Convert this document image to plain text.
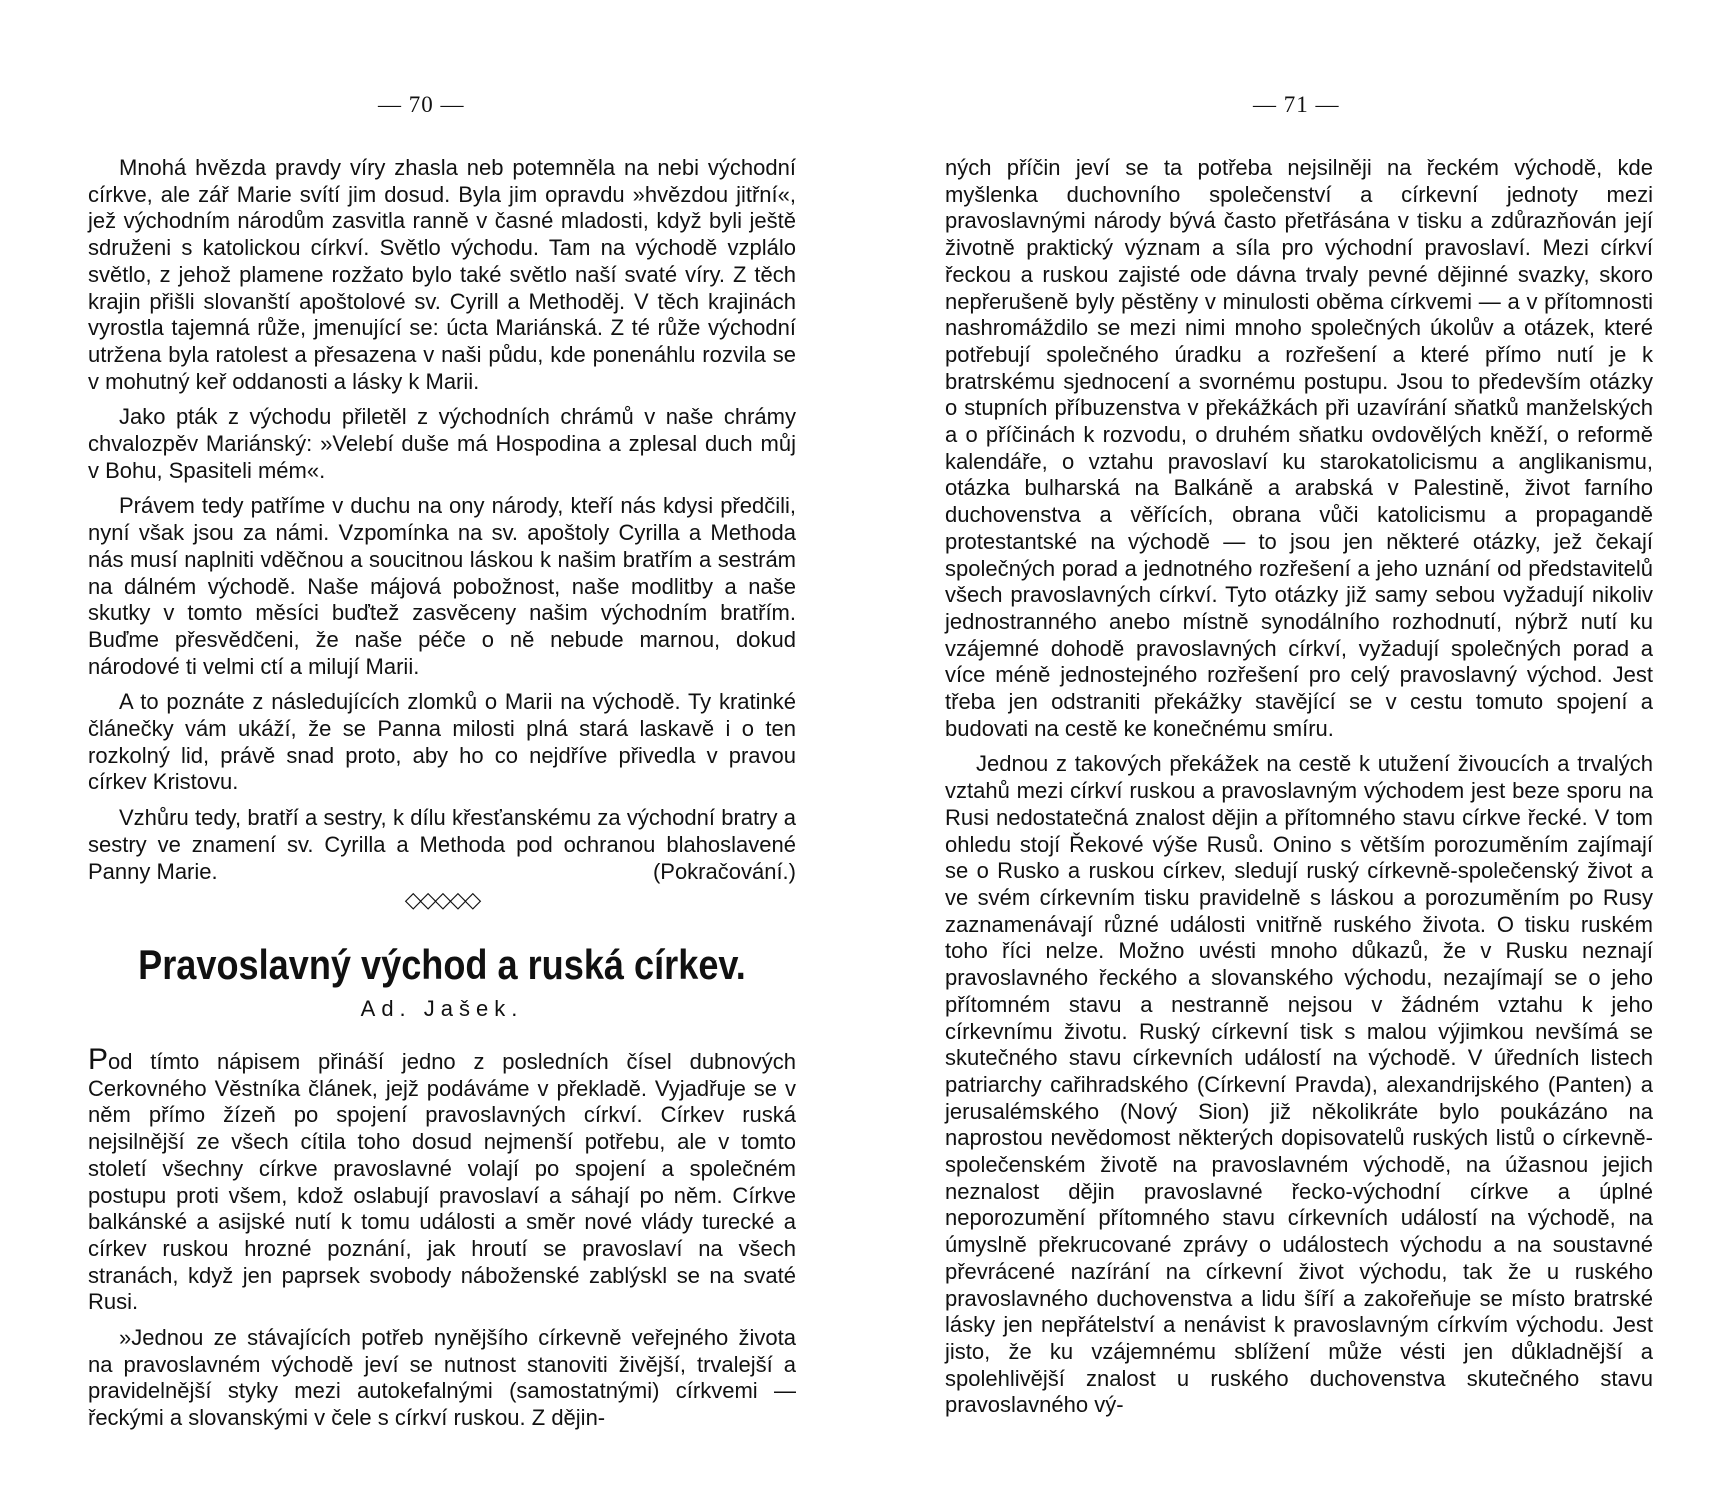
— 70 —

Mnohá hvězda pravdy víry zhasla neb potemněla na nebi východní církve, ale zář Marie svítí jim dosud. Byla jim opravdu »hvězdou jitřní«, jež východním národům zasvitla ranně v časné mladosti, když byli ještě sdruženi s katolickou církví. Světlo východu. Tam na východě vzplálo světlo, z jehož plamene rozžato bylo také světlo naší svaté víry. Z těch krajin přišli slovanští apoštolové sv. Cyrill a Methoděj. V těch krajinách vyrostla tajemná růže, jmenující se: úcta Mariánská. Z té růže východní utržena byla ratolest a přesazena v naši půdu, kde ponenáhlu rozvila se v mohutný keř oddanosti a lásky k Marii.

Jako pták z východu přiletěl z východních chrámů v naše chrámy chvalozpěv Mariánský: »Velebí duše má Hospodina a zplesal duch můj v Bohu, Spasiteli mém«.

Právem tedy patříme v duchu na ony národy, kteří nás kdysi předčili, nyní však jsou za námi. Vzpomínka na sv. apoštoly Cyrilla a Methoda nás musí naplniti vděčnou a soucitnou láskou k našim bratřím a sestrám na dálném východě. Naše májová pobožnost, naše modlitby a naše skutky v tomto měsíci buďtež zasvěceny našim východním bratřím. Buďme přesvědčeni, že naše péče o ně nebude marnou, dokud národové ti velmi ctí a milují Marii.

A to poznáte z následujících zlomků o Marii na východě. Ty kratinké článečky vám ukáží, že se Panna milosti plná stará laskavě i o ten rozkolný lid, právě snad proto, aby ho co nejdříve přivedla v pravou církev Kristovu.

Vzhůru tedy, bratří a sestry, k dílu křesťanskému za východní bratry a sestry ve znamení sv. Cyrilla a Methoda pod ochranou blahoslavené Panny Marie.	(Pokračování.)

◇◇◇◇◇
Pravoslavný východ a ruská církev.
Ad. Jašek.

Pod tímto nápisem přináší jedno z posledních čísel dubnových Cerkovného Věstníka článek, jejž podáváme v překladě. Vyjadřuje se v něm přímo žízeň po spojení pravoslavných církví. Církev ruská nejsilnější ze všech cítila toho dosud nejmenší potřebu, ale v tomto století všechny církve pravoslavné volají po spojení a společném postupu proti všem, kdož oslabují pravoslaví a sáhají po něm. Církve balkánské a asijské nutí k tomu události a směr nové vlády turecké a církev ruskou hrozné poznání, jak hroutí se pravoslaví na všech stranách, když jen paprsek svobody náboženské zablýskl se na svaté Rusi.

»Jednou ze stávajících potřeb nynějšího církevně veřejného života na pravoslavném východě jeví se nutnost stanoviti živější, trvalejší a pravidelnější styky mezi autokefalnými (samostatnými) církvemi — řeckými a slovanskými v čele s církví ruskou. Z dějin-

— 71 —

ných příčin jeví se ta potřeba nejsilněji na řeckém východě, kde myšlenka duchovního společenství a církevní jednoty mezi pravoslavnými národy bývá často přetřásána v tisku a zdůrazňován její životně praktický význam a síla pro východní pravoslaví. Mezi církví řeckou a ruskou zajisté ode dávna trvaly pevné dějinné svazky, skoro nepřerušeně byly pěstěny v minulosti oběma církvemi — a v přítomnosti nashromáždilo se mezi nimi mnoho společných úkolův a otázek, které potřebují společného úradku a rozřešení a které přímo nutí je k bratrskému sjednocení a svornému postupu. Jsou to především otázky o stupních příbuzenstva v překážkách při uzavírání sňatků manželských a o příčinách k rozvodu, o druhém sňatku ovdovělých kněží, o reformě kalendáře, o vztahu pravoslaví ku starokatolicismu a anglikanismu, otázka bulharská na Balkáně a arabská v Palestině, život farního duchovenstva a věřících, obrana vůči katolicismu a propagandě protestantské na východě — to jsou jen některé otázky, jež čekají společných porad a jednotného rozřešení a jeho uznání od představitelů všech pravoslavných církví. Tyto otázky již samy sebou vyžadují nikoliv jednostranného anebo místně synodálního rozhodnutí, nýbrž nutí ku vzájemné dohodě pravoslavných církví, vyžadují společných porad a více méně jednostejného rozřešení pro celý pravoslavný východ. Jest třeba jen odstraniti překážky stavějící se v cestu tomuto spojení a budovati na cestě ke konečnému smíru.

Jednou z takových překážek na cestě k utužení živoucích a trvalých vztahů mezi církví ruskou a pravoslavným východem jest beze sporu na Rusi nedostatečná znalost dějin a přítomného stavu církve řecké. V tom ohledu stojí Řekové výše Rusů. Onino s větším porozuměním zajímají se o Rusko a ruskou církev, sledují ruský církevně-společenský život a ve svém církevním tisku pravidelně s láskou a porozuměním po Rusy zaznamenávají různé události vnitřně ruského života. O tisku ruském toho říci nelze. Možno uvésti mnoho důkazů, že v Rusku neznají pravoslavného řeckého a slovanského východu, nezajímají se o jeho přítomném stavu a nestranně nejsou v žádném vztahu k jeho církevnímu životu. Ruský církevní tisk s malou výjimkou nevšímá se skutečného stavu církevních událostí na východě. V úředních listech patriarchy cařihradského (Církevní Pravda), alexandrijského (Panten) a jerusalémského (Nový Sion) již několikráte bylo poukázáno na naprostou nevědomost některých dopisovatelů ruských listů o církevně-společenském životě na pravoslavném východě, na úžasnou jejich neznalost dějin pravoslavné řecko-východní církve a úplné neporozumění přítomného stavu církevních událostí na východě, na úmyslně překrucované zprávy o událostech východu a na soustavné převrácené nazírání na církevní život východu, tak že u ruského pravoslavného duchovenstva a lidu šíří a zakořeňuje se místo bratrské lásky jen nepřátelství a nenávist k pravoslavným církvím východu. Jest jisto, že ku vzájemnému sblížení může vésti jen důkladnější a spolehlivější znalost u ruského duchovenstva skutečného stavu pravoslavného vý-
